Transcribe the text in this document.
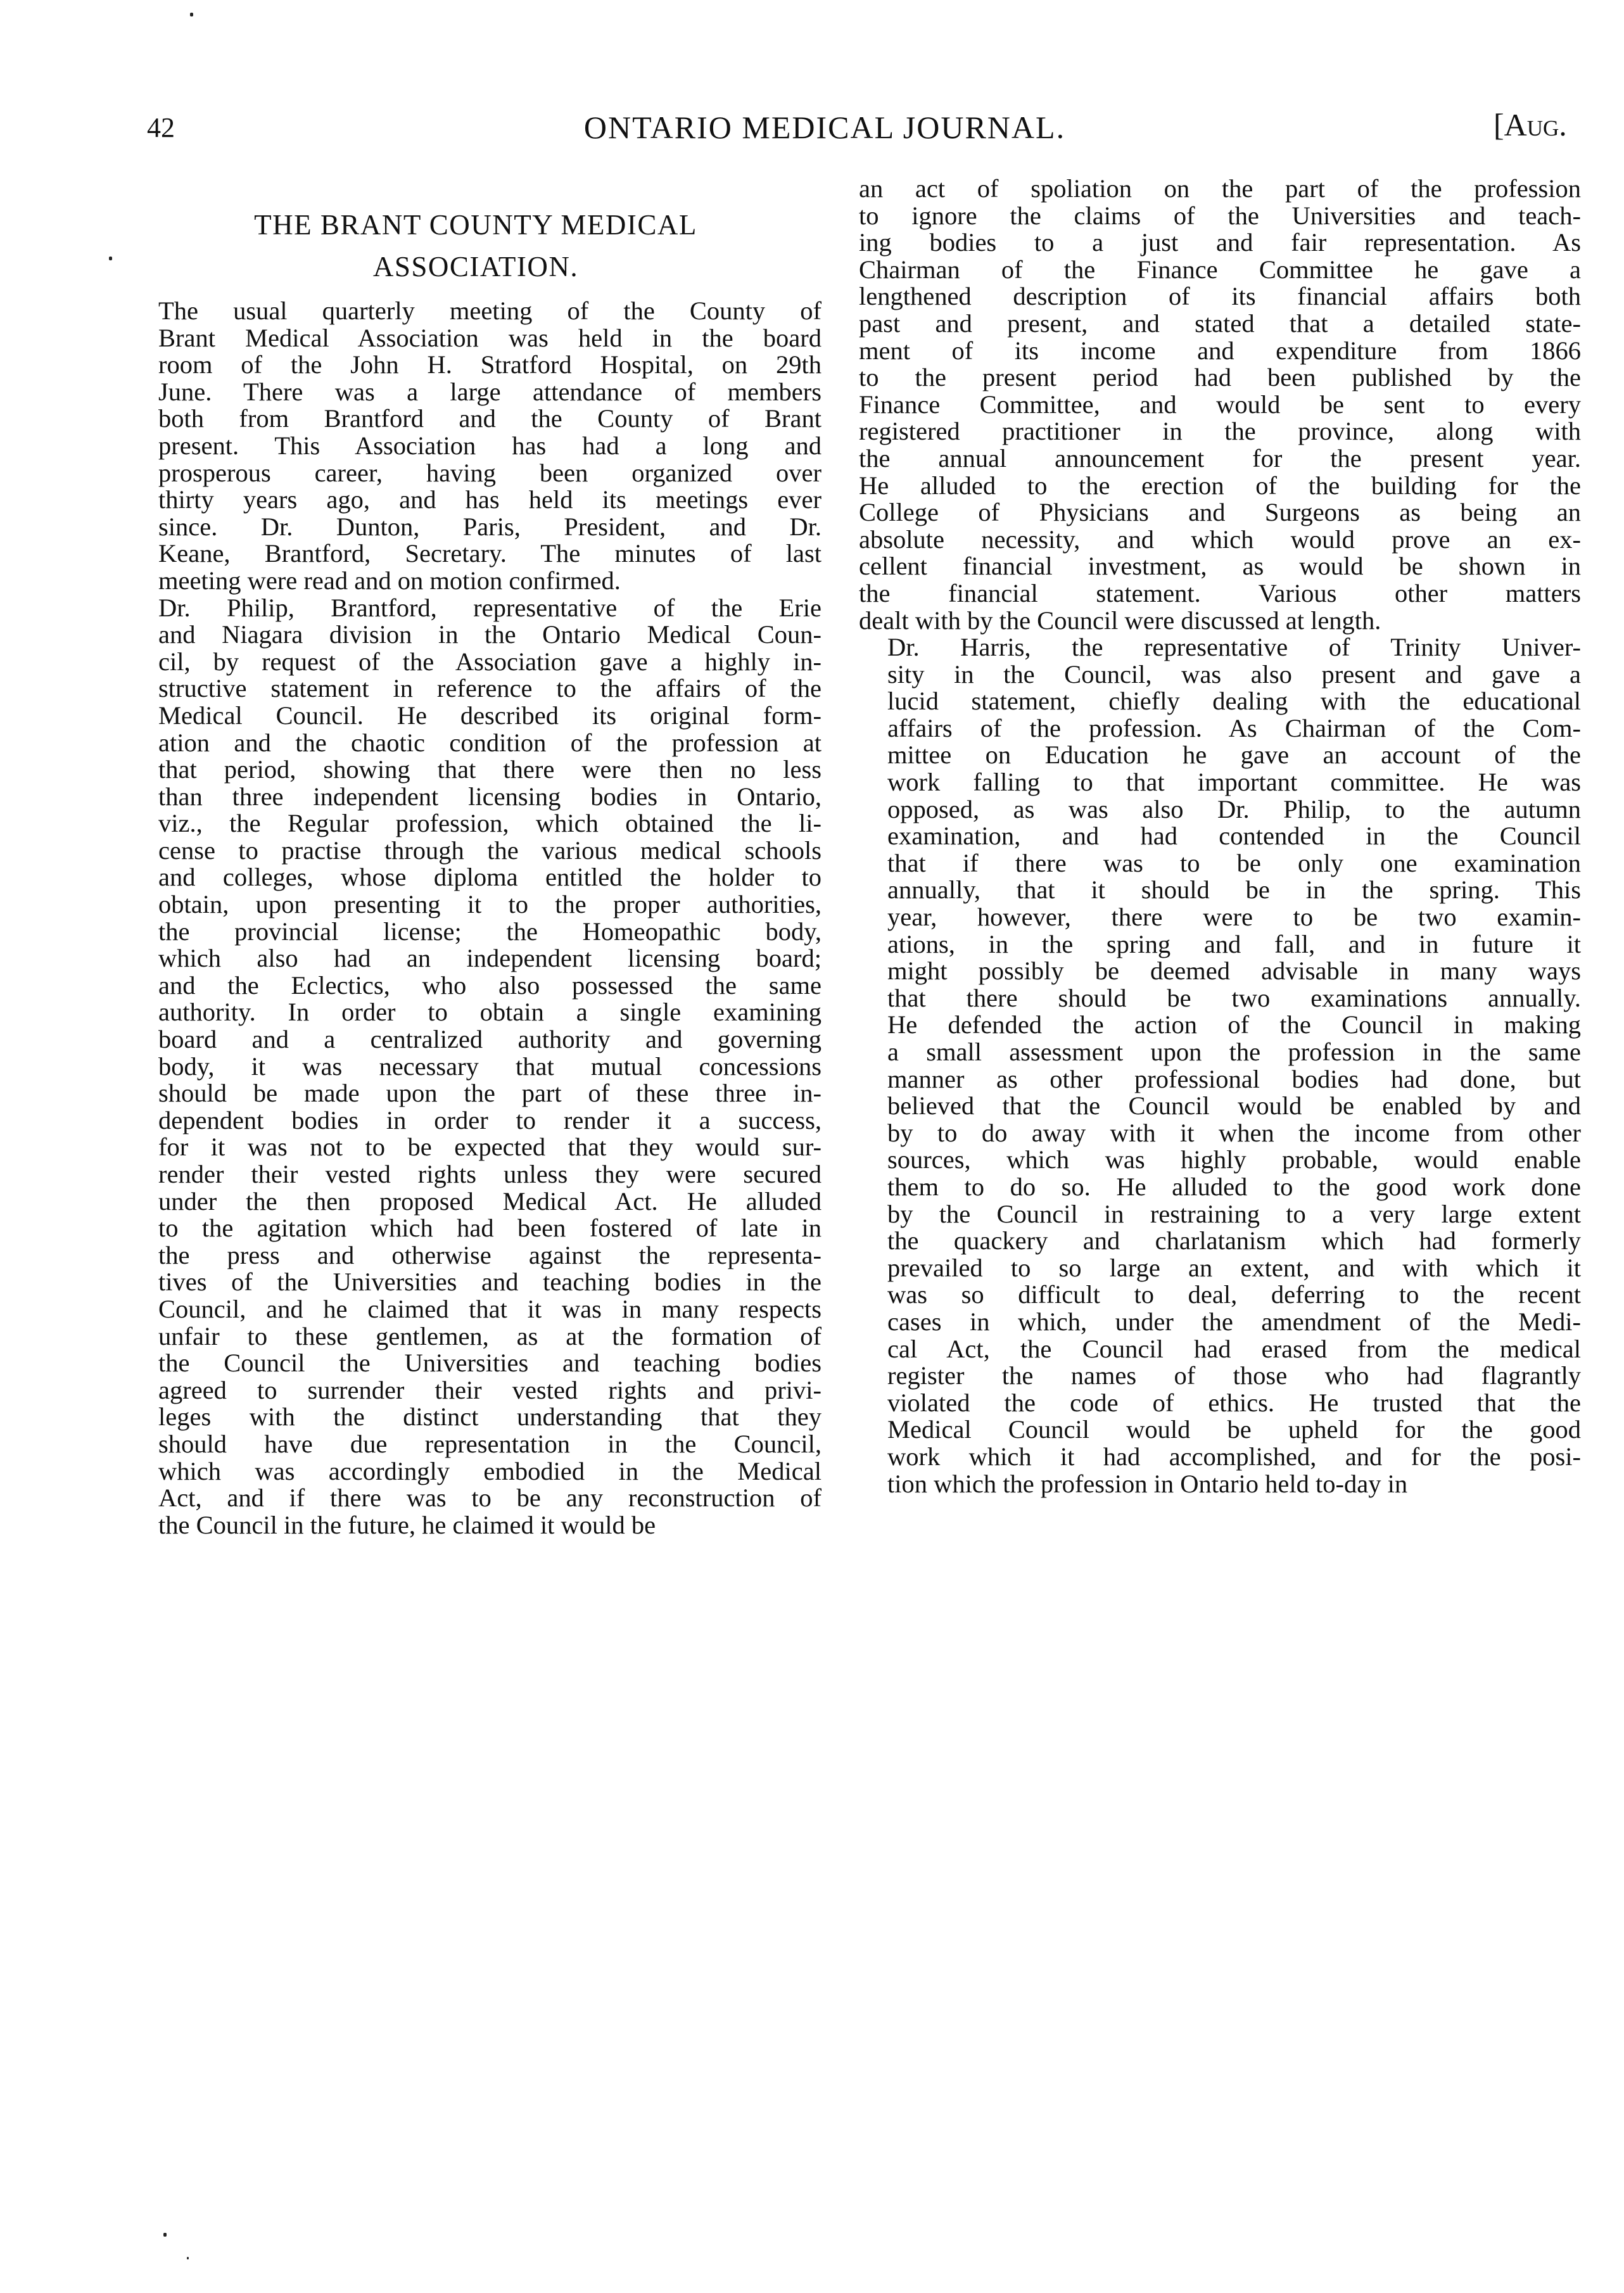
42	ONTARIO MEDICAL JOURNAL.	[Aug.
THE BRANT COUNTY MEDICAL
ASSOCIATION.

The usual quarterly meeting of the County of
Brant Medical Association was held in the board
room of the John H. Stratford Hospital, on 29th
June. There was a large attendance of members
both from Brantford and the County of Brant
present. This Association has had a long and
prosperous career, having been organized over
thirty years ago, and has held its meetings ever
since. Dr. Dunton, Paris, President, and Dr.
Keane, Brantford, Secretary. The minutes of last
meeting were read and on motion confirmed.

Dr. Philip, Brantford, representative of the Erie
and Niagara division in the Ontario Medical Coun-
cil, by request of the Association gave a highly in-
structive statement in reference to the affairs of the
Medical Council. He described its original form-
ation and the chaotic condition of the profession at
that period, showing that there were then no less
than three independent licensing bodies in Ontario,
viz., the Regular profession, which obtained the li-
cense to practise through the various medical schools
and colleges, whose diploma entitled the holder to
obtain, upon presenting it to the proper authorities,
the provincial license; the Homeopathic body,
which also had an independent licensing board;
and the Eclectics, who also possessed the same
authority. In order to obtain a single examining
board and a centralized authority and governing
body, it was necessary that mutual concessions
should be made upon the part of these three in-
dependent bodies in order to render it a success,
for it was not to be expected that they would sur-
render their vested rights unless they were secured
under the then proposed Medical Act. He alluded
to the agitation which had been fostered of late in
the press and otherwise against the representa-
tives of the Universities and teaching bodies in the
Council, and he claimed that it was in many respects
unfair to these gentlemen, as at the formation of
the Council the Universities and teaching bodies
agreed to surrender their vested rights and privi-
leges with the distinct understanding that they
should have due representation in the Council,
which was accordingly embodied in the Medical
Act, and if there was to be any reconstruction of
the Council in the future, he claimed it would be

an act of spoliation on the part of the profession
to ignore the claims of the Universities and teach-
ing bodies to a just and fair representation. As
Chairman of the Finance Committee he gave a
lengthened description of its financial affairs both
past and present, and stated that a detailed state-
ment of its income and expenditure from 1866
to the present period had been published by the
Finance Committee, and would be sent to every
registered practitioner in the province, along with
the annual announcement for the present year.
He alluded to the erection of the building for the
College of Physicians and Surgeons as being an
absolute necessity, and which would prove an ex-
cellent financial investment, as would be shown in
the financial statement. Various other matters
dealt with by the Council were discussed at length.

Dr. Harris, the representative of Trinity Univer-
sity in the Council, was also present and gave a
lucid statement, chiefly dealing with the educational
affairs of the profession. As Chairman of the Com-
mittee on Education he gave an account of the
work falling to that important committee. He was
opposed, as was also Dr. Philip, to the autumn
examination, and had contended in the Council
that if there was to be only one examination
annually, that it should be in the spring. This
year, however, there were to be two examin-
ations, in the spring and fall, and in future it
might possibly be deemed advisable in many ways
that there should be two examinations annually.
He defended the action of the Council in making
a small assessment upon the profession in the same
manner as other professional bodies had done, but
believed that the Council would be enabled by and
by to do away with it when the income from other
sources, which was highly probable, would enable
them to do so. He alluded to the good work done
by the Council in restraining to a very large extent
the quackery and charlatanism which had formerly
prevailed to so large an extent, and with which it
was so difficult to deal, deferring to the recent
cases in which, under the amendment of the Medi-
cal Act, the Council had erased from the medical
register the names of those who had flagrantly
violated the code of ethics. He trusted that the
Medical Council would be upheld for the good
work which it had accomplished, and for the posi-
tion which the profession in Ontario held to-day in
